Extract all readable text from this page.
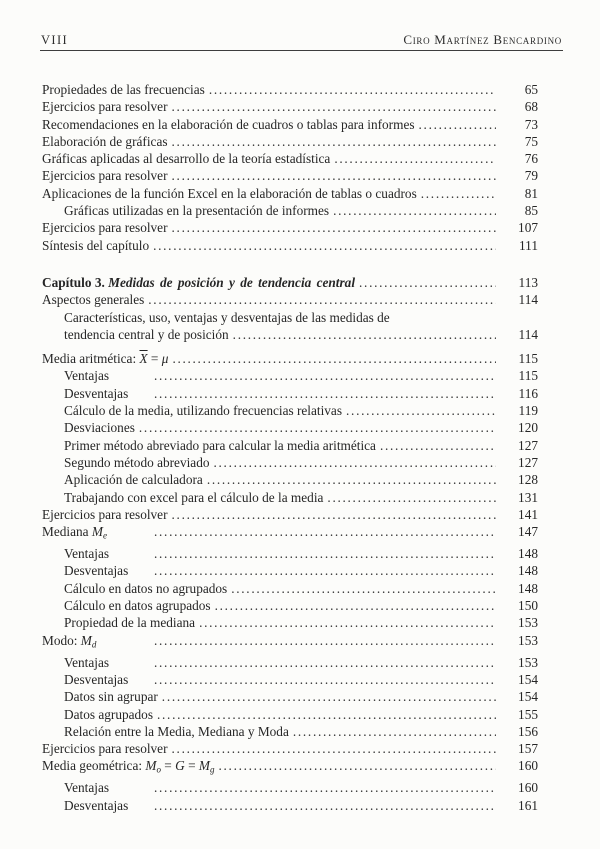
VIII	Ciro Martínez Bencardino
Propiedades de las frecuencias .....	65
Ejercicios para resolver .....	68
Recomendaciones en la elaboración de cuadros o tablas para informes .....	73
Elaboración de gráficas .....	75
Gráficas aplicadas al desarrollo de la teoría estadística .....	76
Ejercicios para resolver .....	79
Aplicaciones de la función Excel en la elaboración de tablas o cuadros .....	81
Gráficas utilizadas en la presentación de informes .....	85
Ejercicios para resolver .....	107
Síntesis del capítulo .....	111
Capítulo 3. Medidas de posición y de tendencia central .....	113
Aspectos generales .....	114
Características, uso, ventajas y desventajas de las medidas de
tendencia central y de posición .....	114
Media aritmética: $\overline{X} = \mu$ .....	115
Ventajas .....	115
Desventajas .....	116
Cálculo de la media, utilizando frecuencias relativas .....	119
Desviaciones .....	120
Primer método abreviado para calcular la media aritmética .....	127
Segundo método abreviado .....	127
Aplicación de calculadora .....	128
Trabajando con excel para el cálculo de la media .....	131
Ejercicios para resolver .....	141
Mediana $M_e$ .....	147
Ventajas .....	148
Desventajas .....	148
Cálculo en datos no agrupados .....	148
Cálculo en datos agrupados .....	150
Propiedad de la mediana .....	153
Modo: $M_d$ .....	153
Ventajas .....	153
Desventajas .....	154
Datos sin agrupar .....	154
Datos agrupados .....	155
Relación entre la Media, Mediana y Moda .....	156
Ejercicios para resolver .....	157
Media geométrica: $M_o = G = M_g$ .....	160
Ventajas .....	160
Desventajas .....	161
